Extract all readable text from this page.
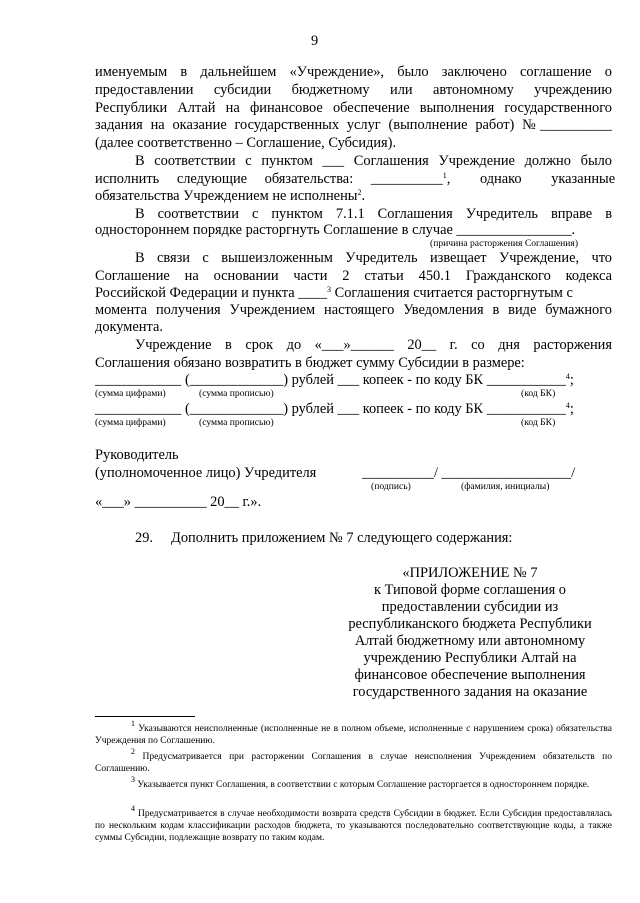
9
именуемым в дальнейшем «Учреждение», было заключено соглашение о
предоставлении субсидии бюджетному или автономному учреждению
Республики Алтай на финансовое обеспечение выполнения государственного
задания на оказание государственных услуг (выполнение работ) №__________
(далее соответственно – Соглашение, Субсидия).
В соответствии с пунктом ___ Соглашения Учреждение должно было
исполнить следующие обязательства: __________$^1$, однако указанные
обязательства Учреждением не исполнены$^2$.
В соответствии с пунктом 7.1.1 Соглашения Учредитель вправе в
одностороннем порядке расторгнуть Соглашение в случае ________________.
(причина расторжения Соглашения)
В связи с вышеизложенным Учредитель извещает Учреждение, что
Соглашение на основании части 2 статьи 450.1 Гражданского кодекса
Российской Федерации и пункта ____$^3$ Соглашения считается расторгнутым с
момента получения Учреждением настоящего Уведомления в виде бумажного
документа.
Учреждение в срок до «___»______ 20__ г. со дня расторжения
Соглашения обязано возвратить в бюджет сумму Субсидии в размере:
____________ (_____________) рублей ___ копеек - по коду БК ___________$^4$;
(сумма цифрами)	(сумма прописью)	(код БК)
____________ (_____________) рублей ___ копеек - по коду БК ___________$^4$;
(сумма цифрами)	(сумма прописью)	(код БК)
Руководитель
(уполномоченное лицо) Учредителя	__________/ __________________/
(подпись)	(фамилия, инициалы)
«___» __________ 20__ г.».
29. Дополнить приложением № 7 следующего содержания:
«ПРИЛОЖЕНИЕ № 7
к Типовой форме соглашения о
предоставлении субсидии из
республиканского бюджета Республики
Алтай бюджетному или автономному
учреждению Республики Алтай на
финансовое обеспечение выполнения
государственного задания на оказание
$^1$ Указываются неисполненные (исполненные не в полном объеме, исполненные с нарушением срока) обязательства Учреждения по Соглашению.
$^2$ Предусматривается при расторжении Соглашения в случае неисполнения Учреждением обязательств по Соглашению.
$^3$ Указывается пункт Соглашения, в соответствии с которым Соглашение расторгается в одностороннем порядке.
$^4$ Предусматривается в случае необходимости возврата средств Субсидии в бюджет. Если Субсидия предоставлялась по нескольким кодам классификации расходов бюджета, то указываются последовательно соответствующие коды, а также суммы Субсидии, подлежащие возврату по таким кодам.
